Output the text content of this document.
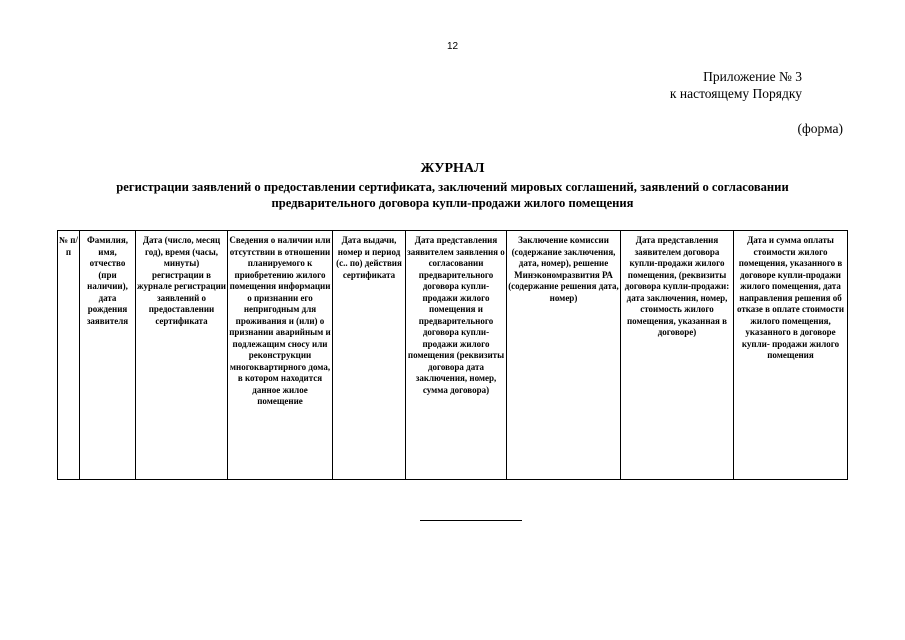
12
Приложение № 3
к настоящему Порядку
(форма)
ЖУРНАЛ
регистрации заявлений о предоставлении сертификата, заключений мировых соглашений, заявлений о согласовании предварительного договора купли-продажи жилого помещения
№ п/п	Фамилия, имя, отчество (при наличии), дата рождения заявителя	Дата (число, месяц год), время (часы, минуты) регистрации в журнале регистрации заявлений о предоставлении сертификата	Сведения о наличии или отсутствии в отношении планируемого к приобретению жилого помещения информации о признании его непригодным для проживания и (или) о признании аварийным и подлежащим сносу или реконструкции многоквартирного дома, в котором находится данное жилое помещение	Дата выдачи, номер и период (с.. по) действия сертификата	Дата представления заявителем заявления о согласовании предварительного договора купли-продажи жилого помещения и предварительного договора купли-продажи жилого помещения (реквизиты договора дата заключения, номер, сумма договора)	Заключение комиссии (содержание заключения, дата, номер), решение Минэкономразвития РА (содержание решения дата, номер)	Дата представления заявителем договора купли-продажи жилого помещения, (реквизиты договора купли-продажи: дата заключения, номер, стоимость жилого помещения, указанная в договоре)	Дата и сумма оплаты стоимости жилого помещения, указанного в договоре купли-продажи жилого помещения, дата направления решения об отказе в оплате стоимости жилого помещения, указанного в договоре купли- продажи жилого помещения
